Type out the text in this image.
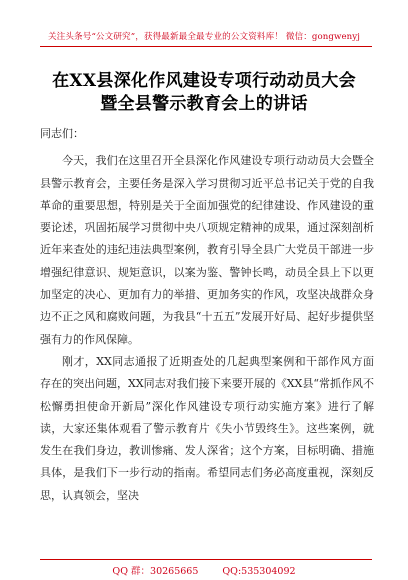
关注头条号“公文研究”，获得最新最全最专业的公文资料库！ 微信：gongwenyj
在XX县深化作风建设专项行动动员大会
暨全县警示教育会上的讲话

同志们：

今天，我们在这里召开全县深化作风建设专项行动动员大会暨全县警示教育会，主要任务是深入学习贯彻习近平总书记关于党的自我革命的重要思想，特别是关于全面加强党的纪律建设、作风建设的重要论述，巩固拓展学习贯彻中央八项规定精神的成果，通过深刻剖析近年来查处的违纪违法典型案例，教育引导全县广大党员干部进一步增强纪律意识、规矩意识，以案为鉴、警钟长鸣，动员全县上下以更加坚定的决心、更加有力的举措、更加务实的作风，攻坚决战群众身边不正之风和腐败问题，为我县“十五五”发展开好局、起好步提供坚强有力的作风保障。

刚才，XX同志通报了近期查处的几起典型案例和干部作风方面存在的突出问题，XX同志对我们接下来要开展的《XX县“常抓作风不松懈勇担使命开新局”深化作风建设专项行动实施方案》进行了解读，大家还集体观看了警示教育片《失小节毁终生》。这些案例，就发生在我们身边，教训惨痛、发人深省；这个方案，目标明确、措施具体，是我们下一步行动的指南。希望同志们务必高度重视，深刻反思，认真领会，坚决

QQ 群：30265665	QQ:535304092
